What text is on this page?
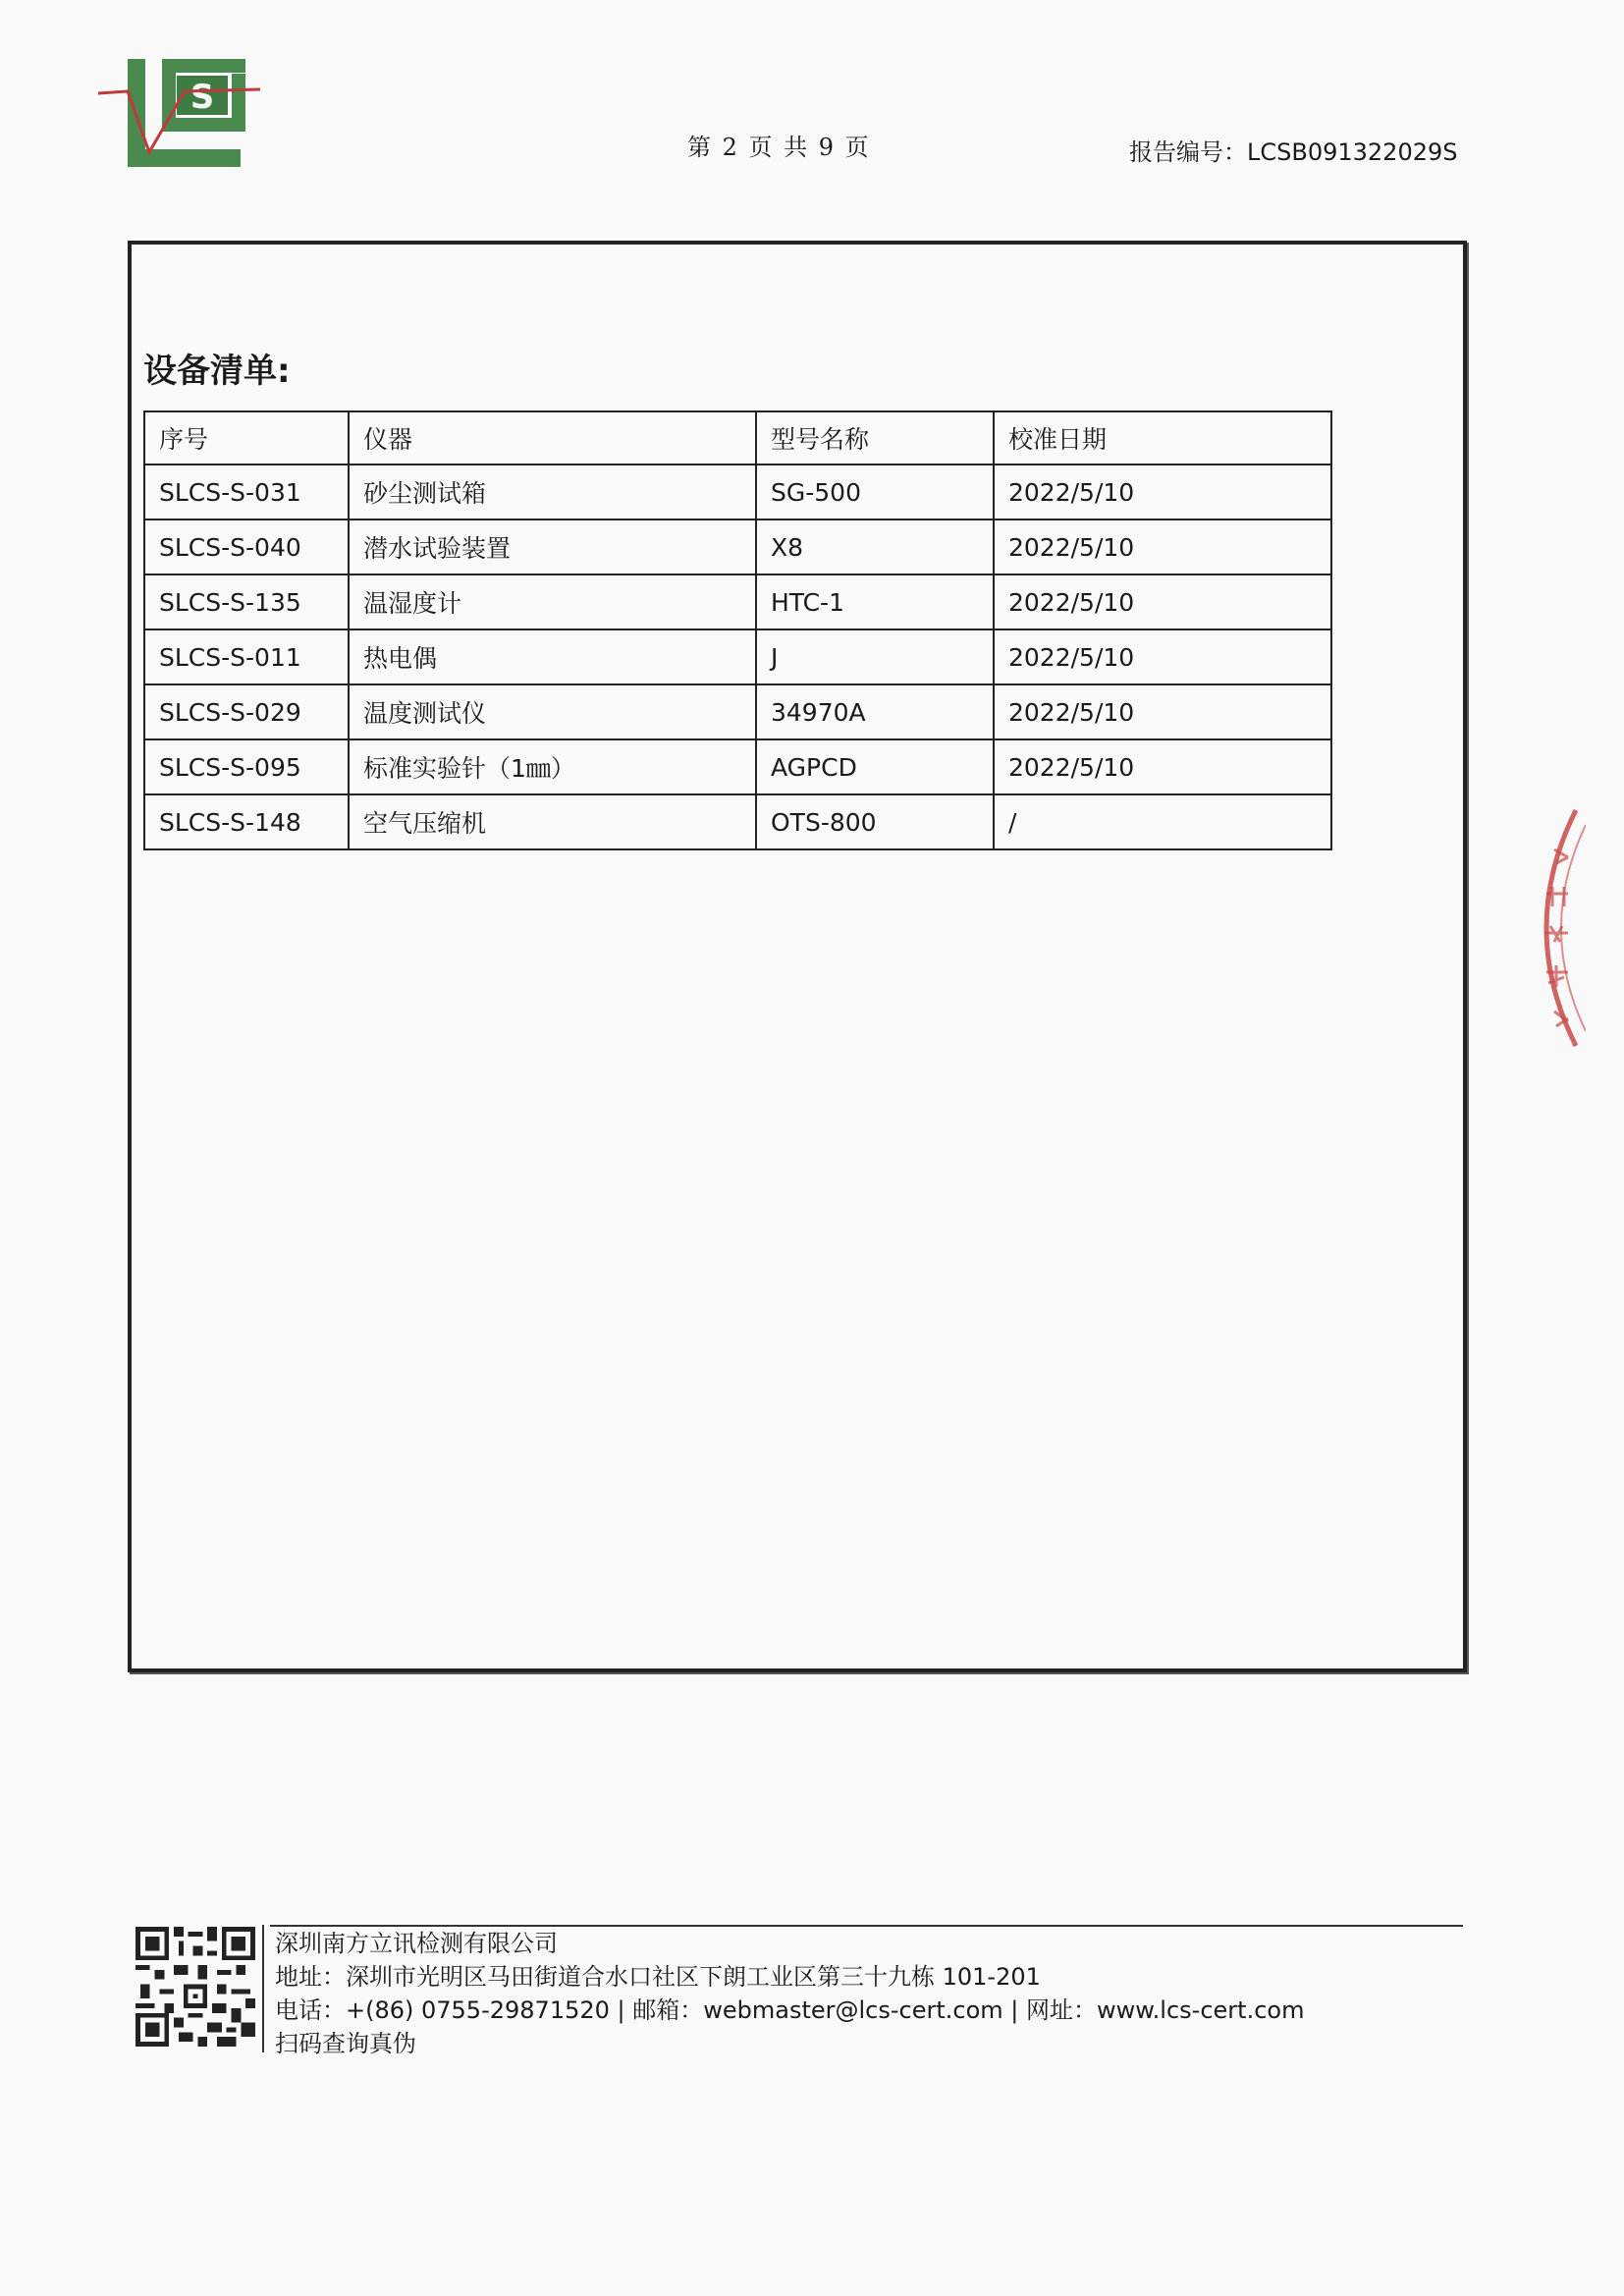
S
第 2 页 共 9 页	报告编号：LCSB091322029S
设备清单:
序号	仪器	型号名称	校准日期
SLCS-S-031	砂尘测试箱	SG-500	2022/5/10
SLCS-S-040	潜水试验装置	X8	2022/5/10
SLCS-S-135	温湿度计	HTC-1	2022/5/10
SLCS-S-011	热电偶	J	2022/5/10
SLCS-S-029	温度测试仪	34970A	2022/5/10
SLCS-S-095	标准实验针（1㎜）	AGPCD	2022/5/10
SLCS-S-148	空气压缩机	OTS-800	/
深圳南方立讯检测有限公司
地址：深圳市光明区马田街道合水口社区下朗工业区第三十九栋 101-201
电话：+(86) 0755-29871520 | 邮箱：webmaster@lcs-cert.com | 网址：www.lcs-cert.com
扫码查询真伪
